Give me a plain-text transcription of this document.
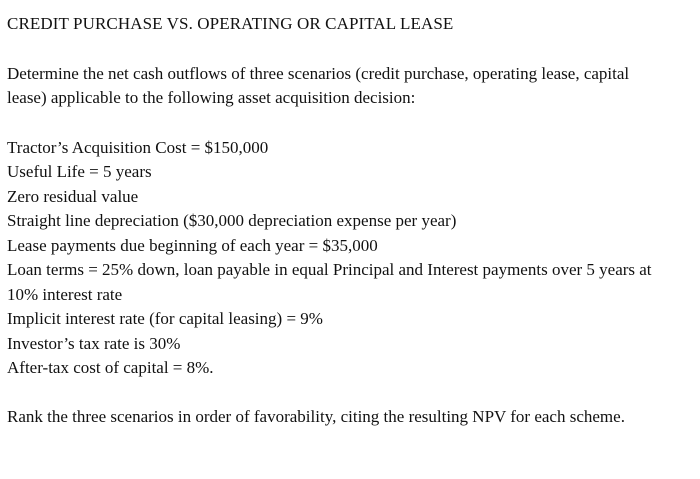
CREDIT PURCHASE VS. OPERATING OR CAPITAL LEASE

Determine the net cash outflows of three scenarios (credit purchase, operating lease, capital lease) applicable to the following asset acquisition decision:

Tractor’s Acquisition Cost = $150,000
Useful Life = 5 years
Zero residual value
Straight line depreciation ($30,000 depreciation expense per year)
Lease payments due beginning of each year = $35,000
Loan terms = 25% down, loan payable in equal Principal and Interest payments over 5 years at 10% interest rate
Implicit interest rate (for capital leasing) = 9%
Investor’s tax rate is 30%
After-tax cost of capital = 8%.

Rank the three scenarios in order of favorability, citing the resulting NPV for each scheme.
